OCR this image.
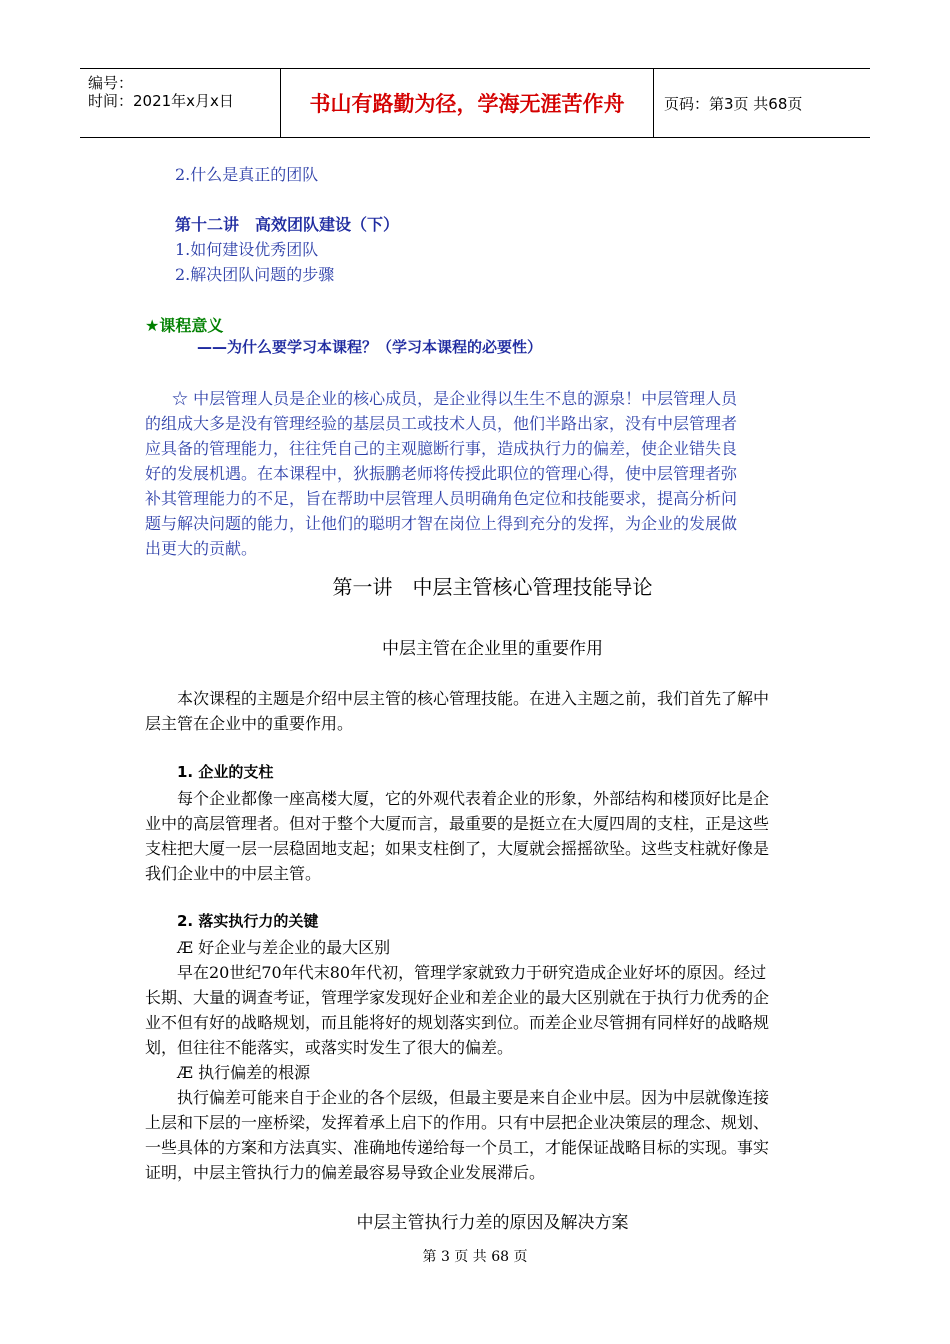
编号：
时间：2021年x月x日	书山有路勤为径，学海无涯苦作舟	页码：第3页 共68页
2.什么是真正的团队
第十二讲　高效团队建设（下）
1.如何建设优秀团队
2.解决团队问题的步骤
★课程意义
——为什么要学习本课程？（学习本课程的必要性）
☆ 中层管理人员是企业的核心成员，是企业得以生生不息的源泉！中层管理人员
的组成大多是没有管理经验的基层员工或技术人员，他们半路出家，没有中层管理者
应具备的管理能力，往往凭自己的主观臆断行事，造成执行力的偏差，使企业错失良
好的发展机遇。在本课程中，狄振鹏老师将传授此职位的管理心得，使中层管理者弥
补其管理能力的不足，旨在帮助中层管理人员明确角色定位和技能要求，提高分析问
题与解决问题的能力，让他们的聪明才智在岗位上得到充分的发挥，为企业的发展做
出更大的贡献。
第一讲　中层主管核心管理技能导论
中层主管在企业里的重要作用
　　本次课程的主题是介绍中层主管的核心管理技能。在进入主题之前，我们首先了解中
层主管在企业中的重要作用。
1. 企业的支柱
　　每个企业都像一座高楼大厦，它的外观代表着企业的形象，外部结构和楼顶好比是企
业中的高层管理者。但对于整个大厦而言，最重要的是挺立在大厦四周的支柱，正是这些
支柱把大厦一层一层稳固地支起；如果支柱倒了，大厦就会摇摇欲坠。这些支柱就好像是
我们企业中的中层主管。
2. 落实执行力的关键
Æ 好企业与差企业的最大区别
　　早在20世纪70年代末80年代初，管理学家就致力于研究造成企业好坏的原因。经过
长期、大量的调查考证，管理学家发现好企业和差企业的最大区别就在于执行力优秀的企
业不但有好的战略规划，而且能将好的规划落实到位。而差企业尽管拥有同样好的战略规
划，但往往不能落实，或落实时发生了很大的偏差。
Æ 执行偏差的根源
　　执行偏差可能来自于企业的各个层级，但最主要是来自企业中层。因为中层就像连接
上层和下层的一座桥梁，发挥着承上启下的作用。只有中层把企业决策层的理念、规划、
一些具体的方案和方法真实、准确地传递给每一个员工，才能保证战略目标的实现。事实
证明，中层主管执行力的偏差最容易导致企业发展滞后。
中层主管执行力差的原因及解决方案
第 3 页 共 68 页
